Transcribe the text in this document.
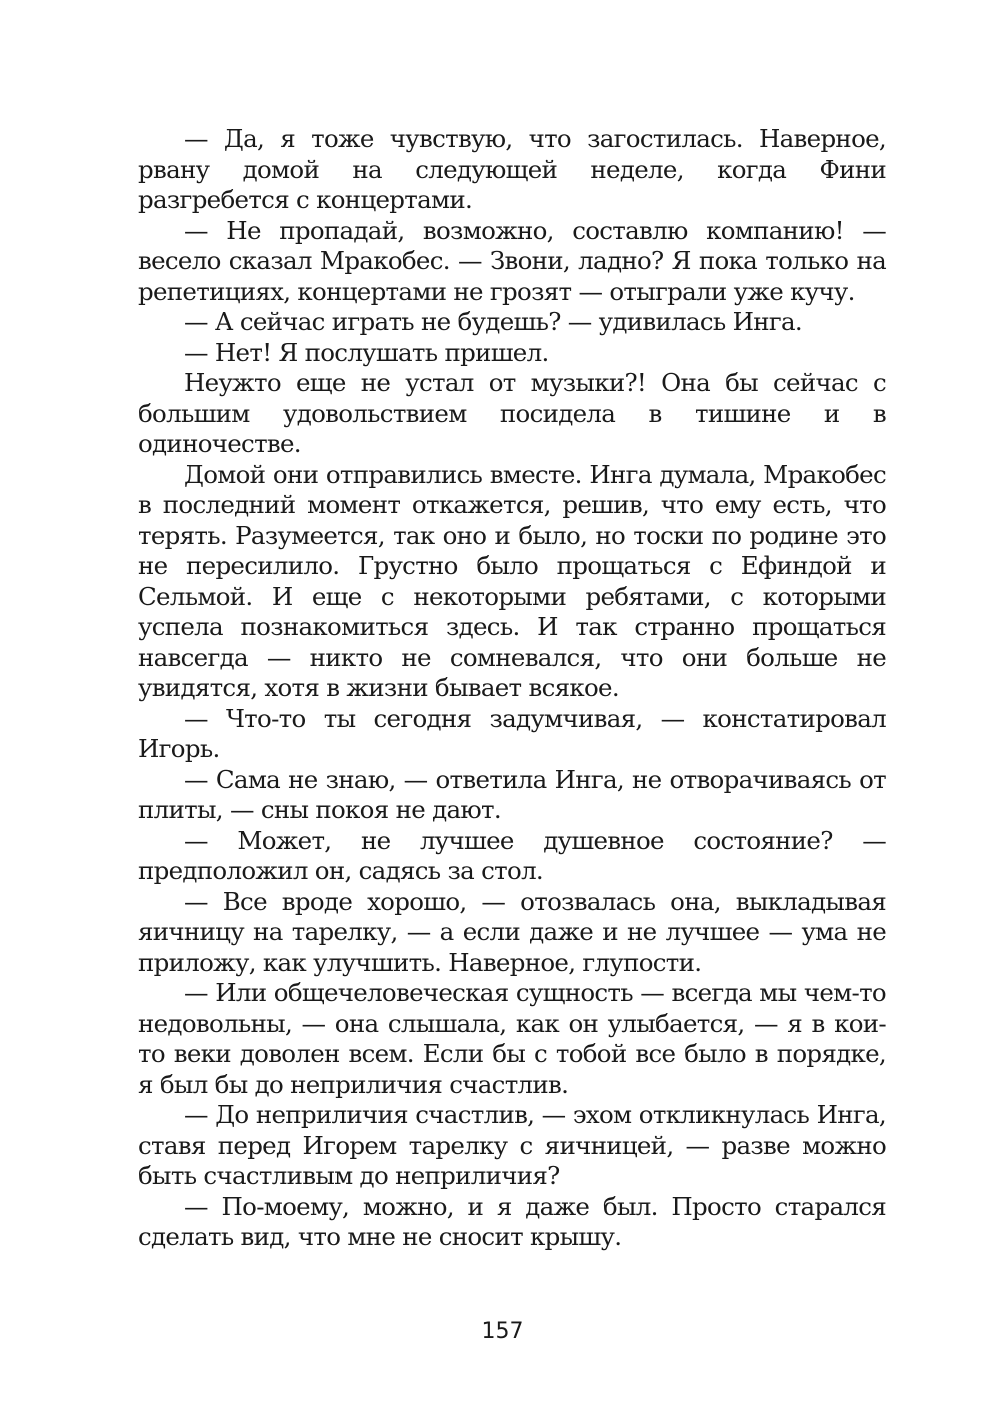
— Да, я тоже чувствую, что загостилась. Наверное, рвану домой на следующей неделе, когда Фини разгребется с концертами.

— Не пропадай, возможно, составлю компанию! — весело сказал Мракобес. — Звони, ладно? Я пока только на репетициях, концертами не грозят — отыграли уже кучу.

— А сейчас играть не будешь? — удивилась Инга.

— Нет! Я послушать пришел.

Неужто еще не устал от музыки?! Она бы сейчас с большим удовольствием посидела в тишине и в одиночестве.

Домой они отправились вместе. Инга думала, Мракобес в последний момент откажется, решив, что ему есть, что терять. Разумеется, так оно и было, но тоски по родине это не пересилило. Грустно было прощаться с Ефиндой и Сельмой. И еще с некоторыми ребятами, с которыми успела познакомиться здесь. И так странно прощаться навсегда — никто не сомневался, что они больше не увидятся, хотя в жизни бывает всякое.

— Что-то ты сегодня задумчивая, — констатировал Игорь.

— Сама не знаю, — ответила Инга, не отворачиваясь от плиты, — сны покоя не дают.

— Может, не лучшее душевное состояние? — предположил он, садясь за стол.

— Все вроде хорошо, — отозвалась она, выкладывая яичницу на тарелку, — а если даже и не лучшее — ума не приложу, как улучшить. Наверное, глупости.

— Или общечеловеческая сущность — всегда мы чем-то недовольны, — она слышала, как он улыбается, — я в кои-то веки доволен всем. Если бы с тобой все было в порядке, я был бы до неприличия счастлив.

— До неприличия счастлив, — эхом откликнулась Инга, ставя перед Игорем тарелку с яичницей, — разве можно быть счастливым до неприличия?

— По-моему, можно, и я даже был. Просто старался сделать вид, что мне не сносит крышу.

157
